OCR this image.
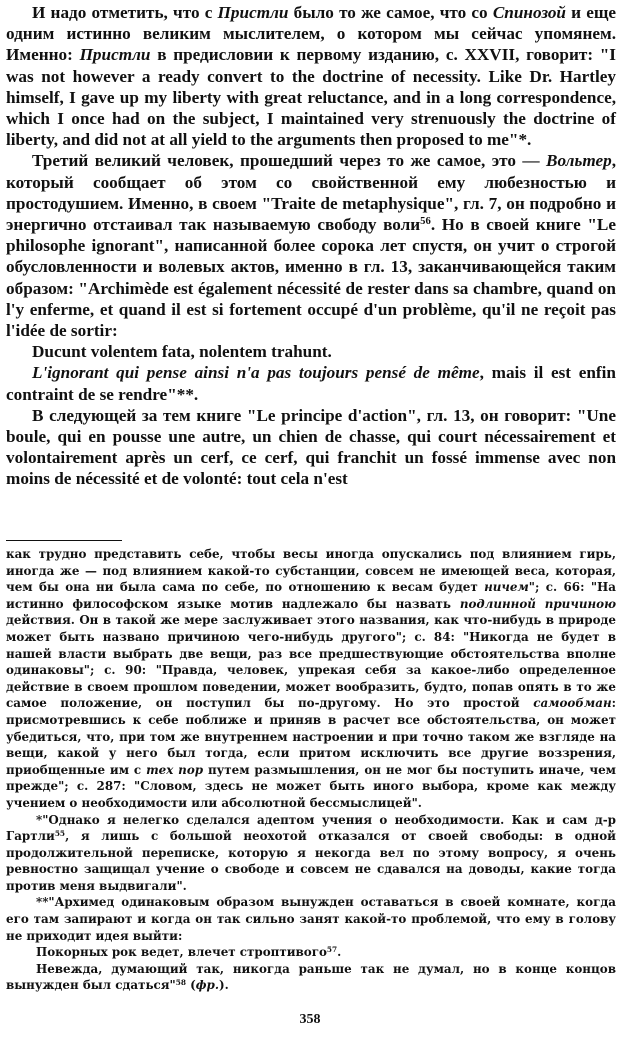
И надо отметить, что с Пристли было то же самое, что со Спинозой и еще одним истинно великим мыслителем, о котором мы сейчас упомянем. Именно: Пристли в предисловии к первому изданию, с. XXVII, говорит: "I was not however a ready convert to the doctrine of necessity. Like Dr. Hartley himself, I gave up my liberty with great reluctance, and in a long correspondence, which I once had on the subject, I maintained very strenuously the doctrine of liberty, and did not at all yield to the arguments then proposed to me"*.

Третий великий человек, прошедший через то же самое, это — Вольтер, который сообщает об этом со свойственной ему любезностью и простодушием. Именно, в своем "Traite de metaphysique", гл. 7, он подробно и энергично отстаивал так называемую свободу воли$^{56}$. Но в своей книге "Le philosophe ignorant", написанной более сорока лет спустя, он учит о строгой обусловленности и волевых актов, именно в гл. 13, заканчивающейся таким образом: "Archimède est également nécessité de rester dans sa chambre, quand on l'y enferme, et quand il est si fortement occupé d'un problème, qu'il ne reçoit pas l'idée de sortir:

Ducunt volentem fata, nolentem trahunt.

L'ignorant qui pense ainsi n'a pas toujours pensé de même, mais il est enfin contraint de se rendre"**.

В следующей за тем книге "Le principe d'action", гл. 13, он говорит: "Une boule, qui en pousse une autre, un chien de chasse, qui court nécessairement et volontairement après un cerf, ce cerf, qui franchit un fossé immense avec non moins de nécessité et de volonté: tout cela n'est

как трудно представить себе, чтобы весы иногда опускались под влиянием гирь, иногда же — под влиянием какой-то субстанции, совсем не имеющей веса, которая, чем бы она ни была сама по себе, по отношению к весам будет ничем"; с. 66: "На истинно философском языке мотив надлежало бы назвать подлинной причиною действия. Он в такой же мере заслуживает этого названия, как что-нибудь в природе может быть названо причиною чего-нибудь другого"; с. 84: "Никогда не будет в нашей власти выбрать две вещи, раз все предшествующие обстоятельства вполне одинаковы"; с. 90: "Правда, человек, упрекая себя за какое-либо определенное действие в своем прошлом поведении, может вообразить, будто, попав опять в то же самое положение, он поступил бы по-другому. Но это простой самообман: присмотревшись к себе поближе и приняв в расчет все обстоятельства, он может убедиться, что, при том же внутреннем настроении и при точно таком же взгляде на вещи, какой у него был тогда, если притом исключить все другие воззрения, приобщенные им с тех пор путем размышления, он не мог бы поступить иначе, чем прежде"; с. 287: "Словом, здесь не может быть иного выбора, кроме как между учением о необходимости или абсолютной бессмыслицей".

*"Однако я нелегко сделался адептом учения о необходимости. Как и сам д-р Гартли$^{55}$, я лишь с большой неохотой отказался от своей свободы: в одной продолжительной переписке, которую я некогда вел по этому вопросу, я очень ревностно защищал учение о свободе и совсем не сдавался на доводы, какие тогда против меня выдвигали".

**"Архимед одинаковым образом вынужден оставаться в своей комнате, когда его там запирают и когда он так сильно занят какой-то проблемой, что ему в голову не приходит идея выйти:

Покорных рок ведет, влечет строптивого$^{57}$.

Невежда, думающий так, никогда раньше так не думал, но в конце концов вынужден был сдаться"$^{58}$ (фр.).

358
